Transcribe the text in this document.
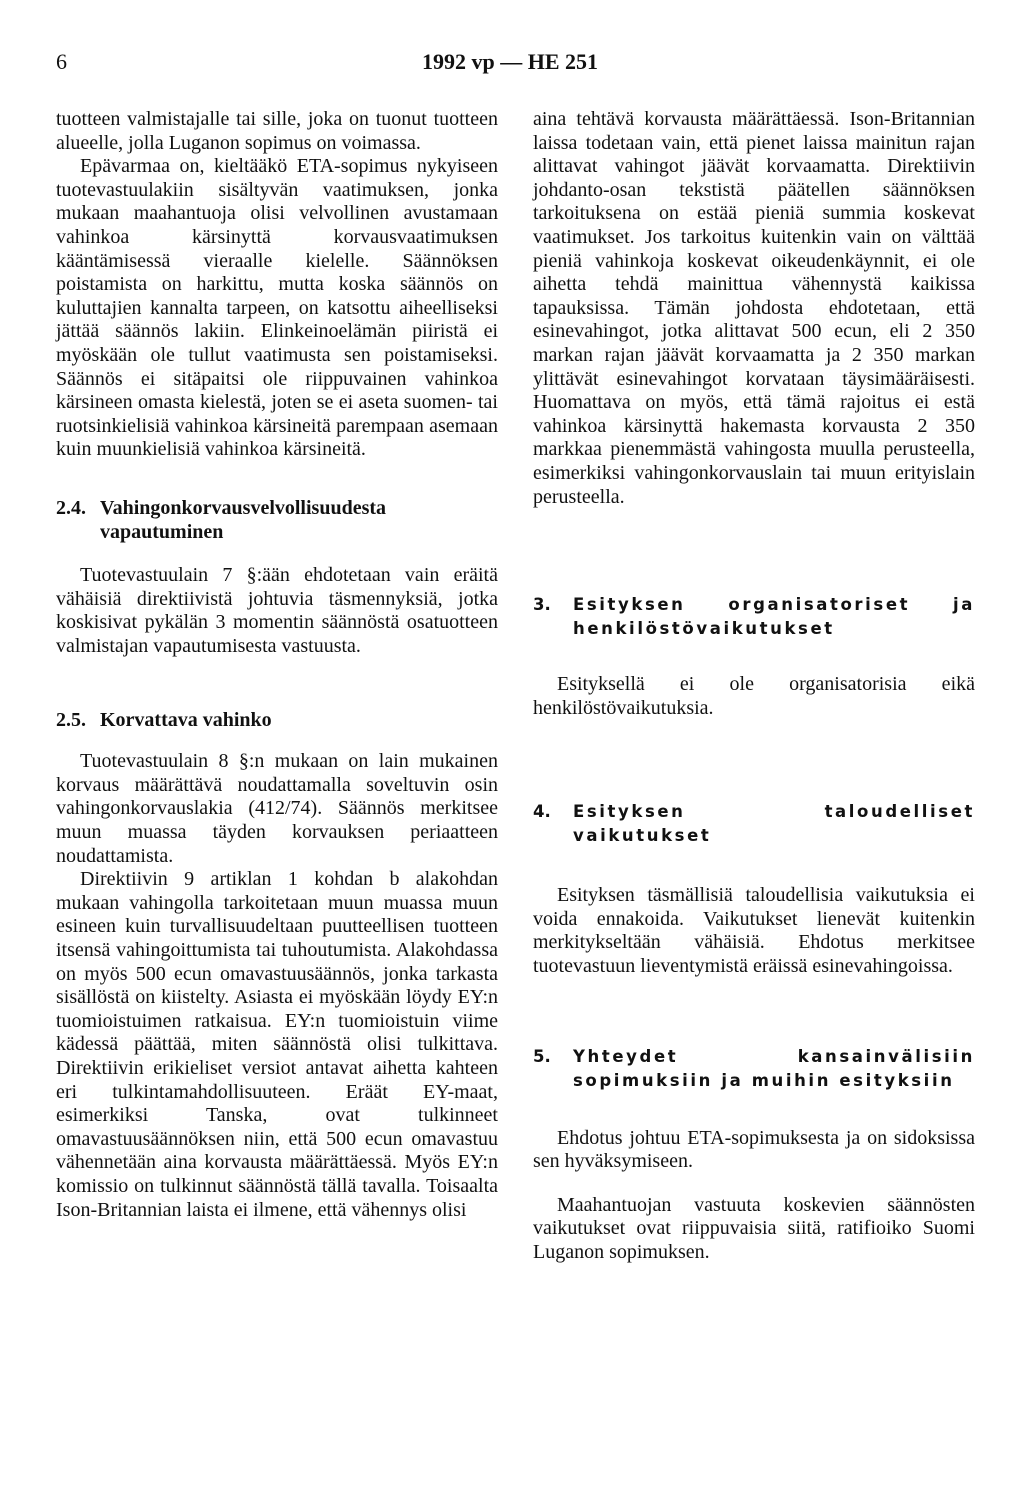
6	1992 vp — HE 251

tuotteen valmistajalle tai sille, joka on tuonut tuotteen alueelle, jolla Luganon sopimus on voimassa.

Epävarmaa on, kieltääkö ETA-sopimus nykyiseen tuotevastuulakiin sisältyvän vaatimuksen, jonka mukaan maahantuoja olisi velvollinen avustamaan vahinkoa kärsinyttä korvausvaatimuksen kääntämisessä vieraalle kielelle. Säännöksen poistamista on harkittu, mutta koska säännös on kuluttajien kannalta tarpeen, on katsottu aiheelliseksi jättää säännös lakiin. Elinkeinoelämän piiristä ei myöskään ole tullut vaatimusta sen poistamiseksi. Säännös ei sitäpaitsi ole riippuvainen vahinkoa kärsineen omasta kielestä, joten se ei aseta suomen- tai ruotsinkielisiä vahinkoa kärsineitä parempaan asemaan kuin muunkielisiä vahinkoa kärsineitä.

2.4. Vahingonkorvausvelvollisuudesta vapautuminen

Tuotevastuulain 7 §:ään ehdotetaan vain eräitä vähäisiä direktiivistä johtuvia täsmennyksiä, jotka koskisivat pykälän 3 momentin säännöstä osatuotteen valmistajan vapautumisesta vastuusta.

2.5. Korvattava vahinko

Tuotevastuulain 8 §:n mukaan on lain mukainen korvaus määrättävä noudattamalla soveltuvin osin vahingonkorvauslakia (412/74). Säännös merkitsee muun muassa täyden korvauksen periaatteen noudattamista.

Direktiivin 9 artiklan 1 kohdan b alakohdan mukaan vahingolla tarkoitetaan muun muassa muun esineen kuin turvallisuudeltaan puutteellisen tuotteen itsensä vahingoittumista tai tuhoutumista. Alakohdassa on myös 500 ecun omavastuusäännös, jonka tarkasta sisällöstä on kiistelty. Asiasta ei myöskään löydy EY:n tuomioistuimen ratkaisua. EY:n tuomioistuin viime kädessä päättää, miten säännöstä olisi tulkittava. Direktiivin erikieliset versiot antavat aihetta kahteen eri tulkintamahdollisuuteen. Eräät EY-maat, esimerkiksi Tanska, ovat tulkinneet omavastuusäännöksen niin, että 500 ecun omavastuu vähennetään aina korvausta määrättäessä. Myös EY:n komissio on tulkinnut säännöstä tällä tavalla. Toisaalta Ison-Britannian laista ei ilmene, että vähennys olisi

aina tehtävä korvausta määrättäessä. Ison-Britannian laissa todetaan vain, että pienet laissa mainitun rajan alittavat vahingot jäävät korvaamatta. Direktiivin johdanto-osan tekstistä päätellen säännöksen tarkoituksena on estää pieniä summia koskevat vaatimukset. Jos tarkoitus kuitenkin vain on välttää pieniä vahinkoja koskevat oikeudenkäynnit, ei ole aihetta tehdä mainittua vähennystä kaikissa tapauksissa. Tämän johdosta ehdotetaan, että esinevahingot, jotka alittavat 500 ecun, eli 2 350 markan rajan jäävät korvaamatta ja 2 350 markan ylittävät esinevahingot korvataan täysimääräisesti. Huomattava on myös, että tämä rajoitus ei estä vahinkoa kärsinyttä hakemasta korvausta 2 350 markkaa pienemmästä vahingosta muulla perusteella, esimerkiksi vahingonkorvauslain tai muun erityislain perusteella.

3.	Esityksen organisatoriset ja henkilöstövaikutukset

Esityksellä ei ole organisatorisia eikä henkilöstövaikutuksia.

4.	Esityksen taloudelliset vaikutukset

Esityksen täsmällisiä taloudellisia vaikutuksia ei voida ennakoida. Vaikutukset lienevät kuitenkin merkitykseltään vähäisiä. Ehdotus merkitsee tuotevastuun lieventymistä eräissä esinevahingoissa.

5.	Yhteydet kansainvälisiin sopimuksiin ja muihin esityksiin

Ehdotus johtuu ETA-sopimuksesta ja on sidoksissa sen hyväksymiseen.

Maahantuojan vastuuta koskevien säännösten vaikutukset ovat riippuvaisia siitä, ratifioiko Suomi Luganon sopimuksen.
